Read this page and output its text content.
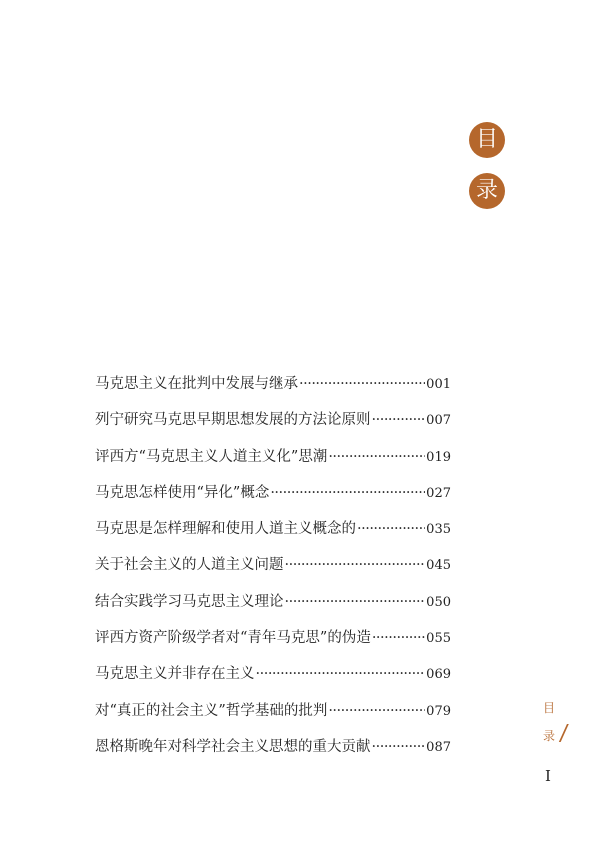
目
录
马克思主义在批判中发展与继承 ·····	001
列宁研究马克思早期思想发展的方法论原则 ·····	007
评西方“马克思主义人道主义化”思潮 ·····	019
马克思怎样使用“异化”概念 ·····	027
马克思是怎样理解和使用人道主义概念的 ·····	035
关于社会主义的人道主义问题 ·····	045
结合实践学习马克思主义理论 ·····	050
评西方资产阶级学者对“青年马克思”的伪造 ·····	055
马克思主义并非存在主义 ·····	069
对“真正的社会主义”哲学基础的批判 ·····	079
恩格斯晚年对科学社会主义思想的重大贡献 ·····	087
目
录 /
I
